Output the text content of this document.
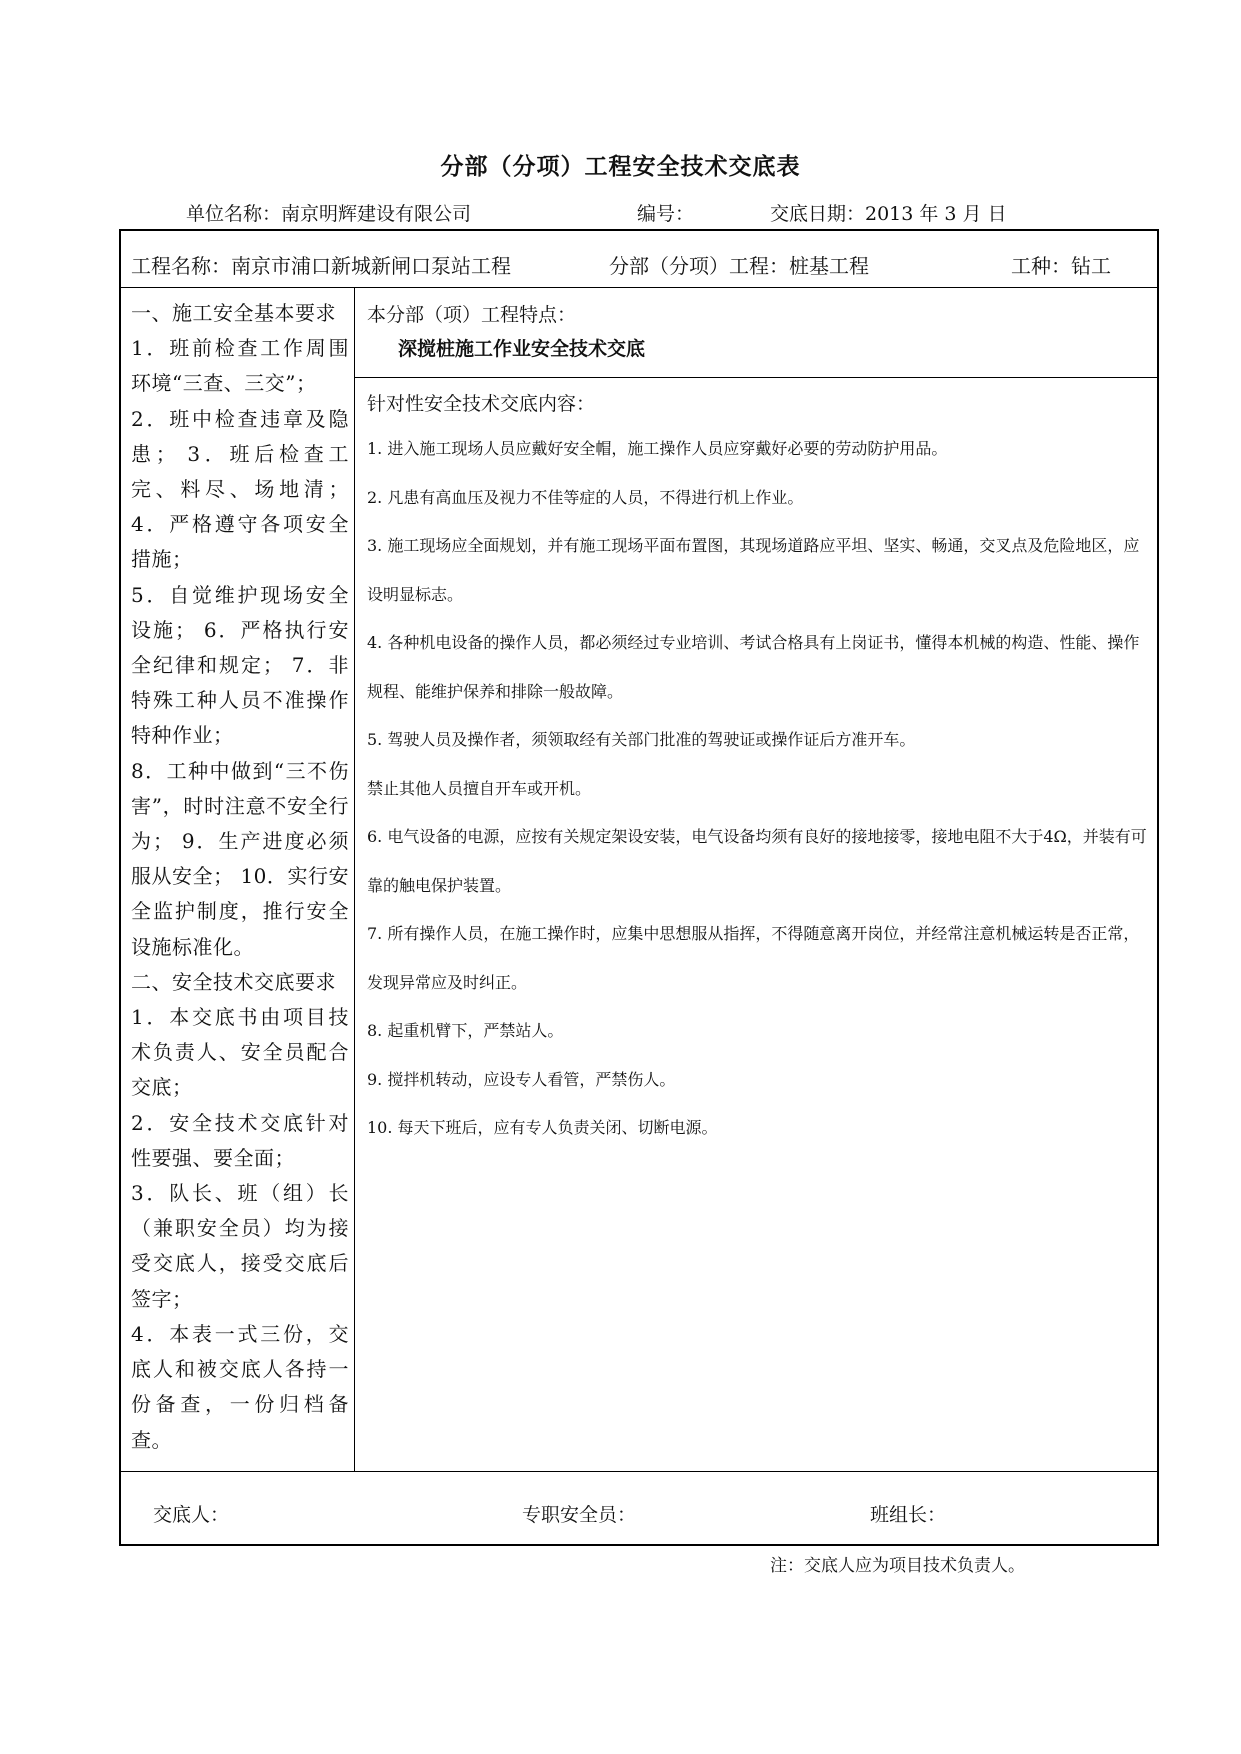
分部（分项）工程安全技术交底表
单位名称：南京明辉建设有限公司	编号：	交底日期：2013 年 3 月 日
工程名称：南京市浦口新城新闸口泵站工程	分部（分项）工程：桩基工程	工种：钻工
一、施工安全基本要求
1．班前检查工作周围环境“三查、三交”；
2．班中检查违章及隐患； 3．班后检查工完、料尽、场地清； 4．严格遵守各项安全措施；
5．自觉维护现场安全设施； 6．严格执行安全纪律和规定； 7．非特殊工种人员不准操作特种作业；
8．工种中做到“三不伤害”，时时注意不安全行为； 9．生产进度必须服从安全； 10．实行安全监护制度，推行安全设施标准化。
二、安全技术交底要求
1．本交底书由项目技术负责人、安全员配合交底；
2．安全技术交底针对性要强、要全面；
3．队长、班（组）长（兼职安全员）均为接受交底人，接受交底后签字；
4．本表一式三份，交底人和被交底人各持一份备查，一份归档备查。
本分部（项）工程特点：
深搅桩施工作业安全技术交底
针对性安全技术交底内容：
1. 进入施工现场人员应戴好安全帽，施工操作人员应穿戴好必要的劳动防护用品。
2. 凡患有高血压及视力不佳等症的人员，不得进行机上作业。
3. 施工现场应全面规划，并有施工现场平面布置图，其现场道路应平坦、坚实、畅通，交叉点及危险地区，应设明显标志。
4. 各种机电设备的操作人员，都必须经过专业培训、考试合格具有上岗证书，懂得本机械的构造、性能、操作规程、能维护保养和排除一般故障。
5. 驾驶人员及操作者，须领取经有关部门批准的驾驶证或操作证后方准开车。
禁止其他人员擅自开车或开机。
6. 电气设备的电源，应按有关规定架设安装，电气设备均须有良好的接地接零，接地电阻不大于4Ω，并装有可靠的触电保护装置。
7. 所有操作人员，在施工操作时，应集中思想服从指挥，不得随意离开岗位，并经常注意机械运转是否正常，发现异常应及时纠正。
8. 起重机臂下，严禁站人。
9. 搅拌机转动，应设专人看管，严禁伤人。
10. 每天下班后，应有专人负责关闭、切断电源。
交底人：	专职安全员：	班组长：
注：交底人应为项目技术负责人。
